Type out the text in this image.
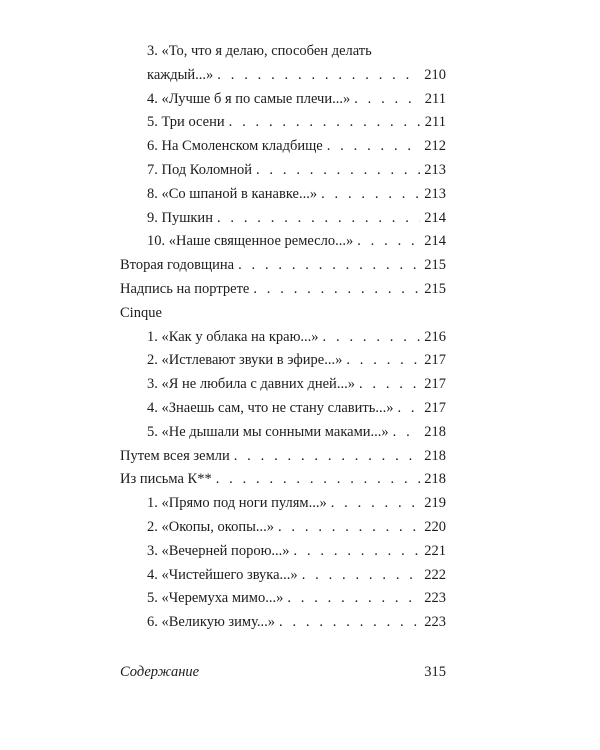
3. «То, что я делаю, способен делать
каждый...» . . .	210
4. «Лучше б я по самые плечи...» . . .	211
5. Три осени . . .	211
6. На Смоленском кладбище . . .	212
7. Под Коломной . . .	213
8. «Со шпаной в канавке...» . . .	213
9. Пушкин . . .	214
10. «Наше священное ремесло...» . . .	214
Вторая годовщина . . .	215
Надпись на портрете . . .	215
Cinque
1. «Как у облака на краю...» . . .	216
2. «Истлевают звуки в эфире...» . . .	217
3. «Я не любила с давних дней...» . . .	217
4. «Знаешь сам, что не стану славить...» . . . 217
5. «Не дышали мы сонными маками...» . . . 218
Путем всея земли . . .	218
Из письма К** . . .	218
1. «Прямо под ноги пулям...» . . .	219
2. «Окопы, окопы...» . . .	220
3. «Вечерней порою...» . . .	221
4. «Чистейшего звука...» . . .	222
5. «Черемуха мимо...» . . .	223
6. «Великую зиму...» . . .	223
Содержание	315
